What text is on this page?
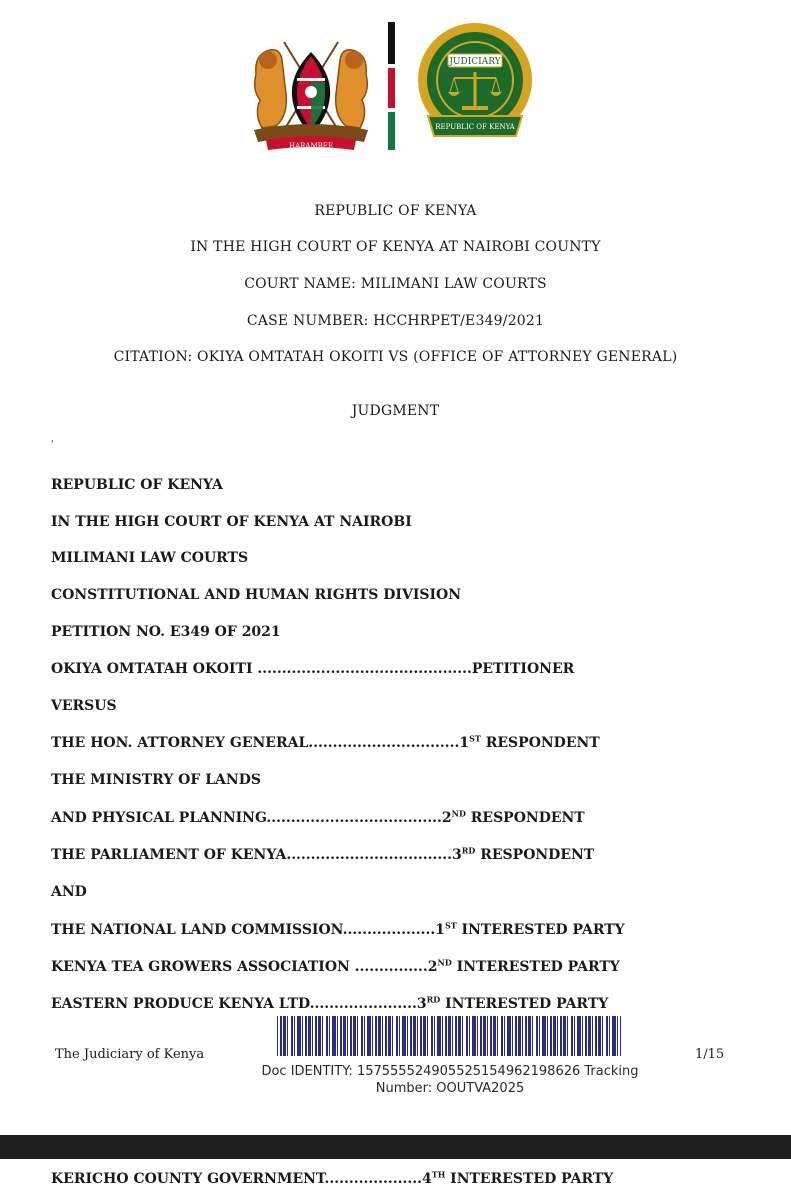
HARAMBEE
JUDICIARY
REPUBLIC OF KENYA
REPUBLIC OF KENYA
IN THE HIGH COURT OF KENYA AT NAIROBI COUNTY
COURT NAME: MILIMANI LAW COURTS
CASE NUMBER: HCCHRPET/E349/2021
CITATION: OKIYA OMTATAH OKOITI VS (OFFICE OF ATTORNEY GENERAL)
JUDGMENT
'
REPUBLIC OF KENYA
IN THE HIGH COURT OF KENYA AT NAIROBI
MILIMANI LAW COURTS
CONSTITUTIONAL AND HUMAN RIGHTS DIVISION
PETITION NO. E349 OF 2021
OKIYA OMTATAH OKOITI ............................................PETITIONER
VERSUS
THE HON. ATTORNEY GENERAL...............................1ST RESPONDENT
THE MINISTRY OF LANDS
AND PHYSICAL PLANNING....................................2ND RESPONDENT
THE PARLIAMENT OF KENYA..................................3RD RESPONDENT
AND
THE NATIONAL LAND COMMISSION...................1ST INTERESTED PARTY
KENYA TEA GROWERS ASSOCIATION ...............2ND INTERESTED PARTY
EASTERN PRODUCE KENYA LTD......................3RD INTERESTED PARTY
The Judiciary of Kenya	1/15
Doc IDENTITY: 157555524905525154962198626 Tracking
Number: OOUTVA2025
KERICHO COUNTY GOVERNMENT....................4TH INTERESTED PARTY
